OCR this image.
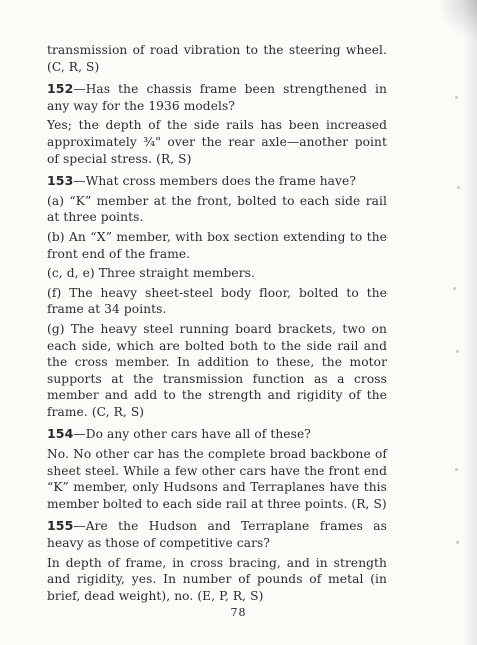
transmission of road vibration to the steering wheel. (C, R, S)

152—Has the chassis frame been strengthened in any way for the 1936 models?

Yes; the depth of the side rails has been increased approximately ¾" over the rear axle—another point of special stress. (R, S)

153—What cross members does the frame have?

(a) “K” member at the front, bolted to each side rail at three points.

(b) An “X” member, with box section extending to the front end of the frame.

(c, d, e) Three straight members.

(f) The heavy sheet-steel body floor, bolted to the frame at 34 points.

(g) The heavy steel running board brackets, two on each side, which are bolted both to the side rail and the cross member. In addition to these, the motor supports at the transmission function as a cross member and add to the strength and rigidity of the frame. (C, R, S)

154—Do any other cars have all of these?

No. No other car has the complete broad backbone of sheet steel. While a few other cars have the front end “K” member, only Hudsons and Terraplanes have this member bolted to each side rail at three points. (R, S)

155—Are the Hudson and Terraplane frames as heavy as those of competitive cars?

In depth of frame, in cross bracing, and in strength and rigidity, yes. In number of pounds of metal (in brief, dead weight), no. (E, P, R, S)

78
